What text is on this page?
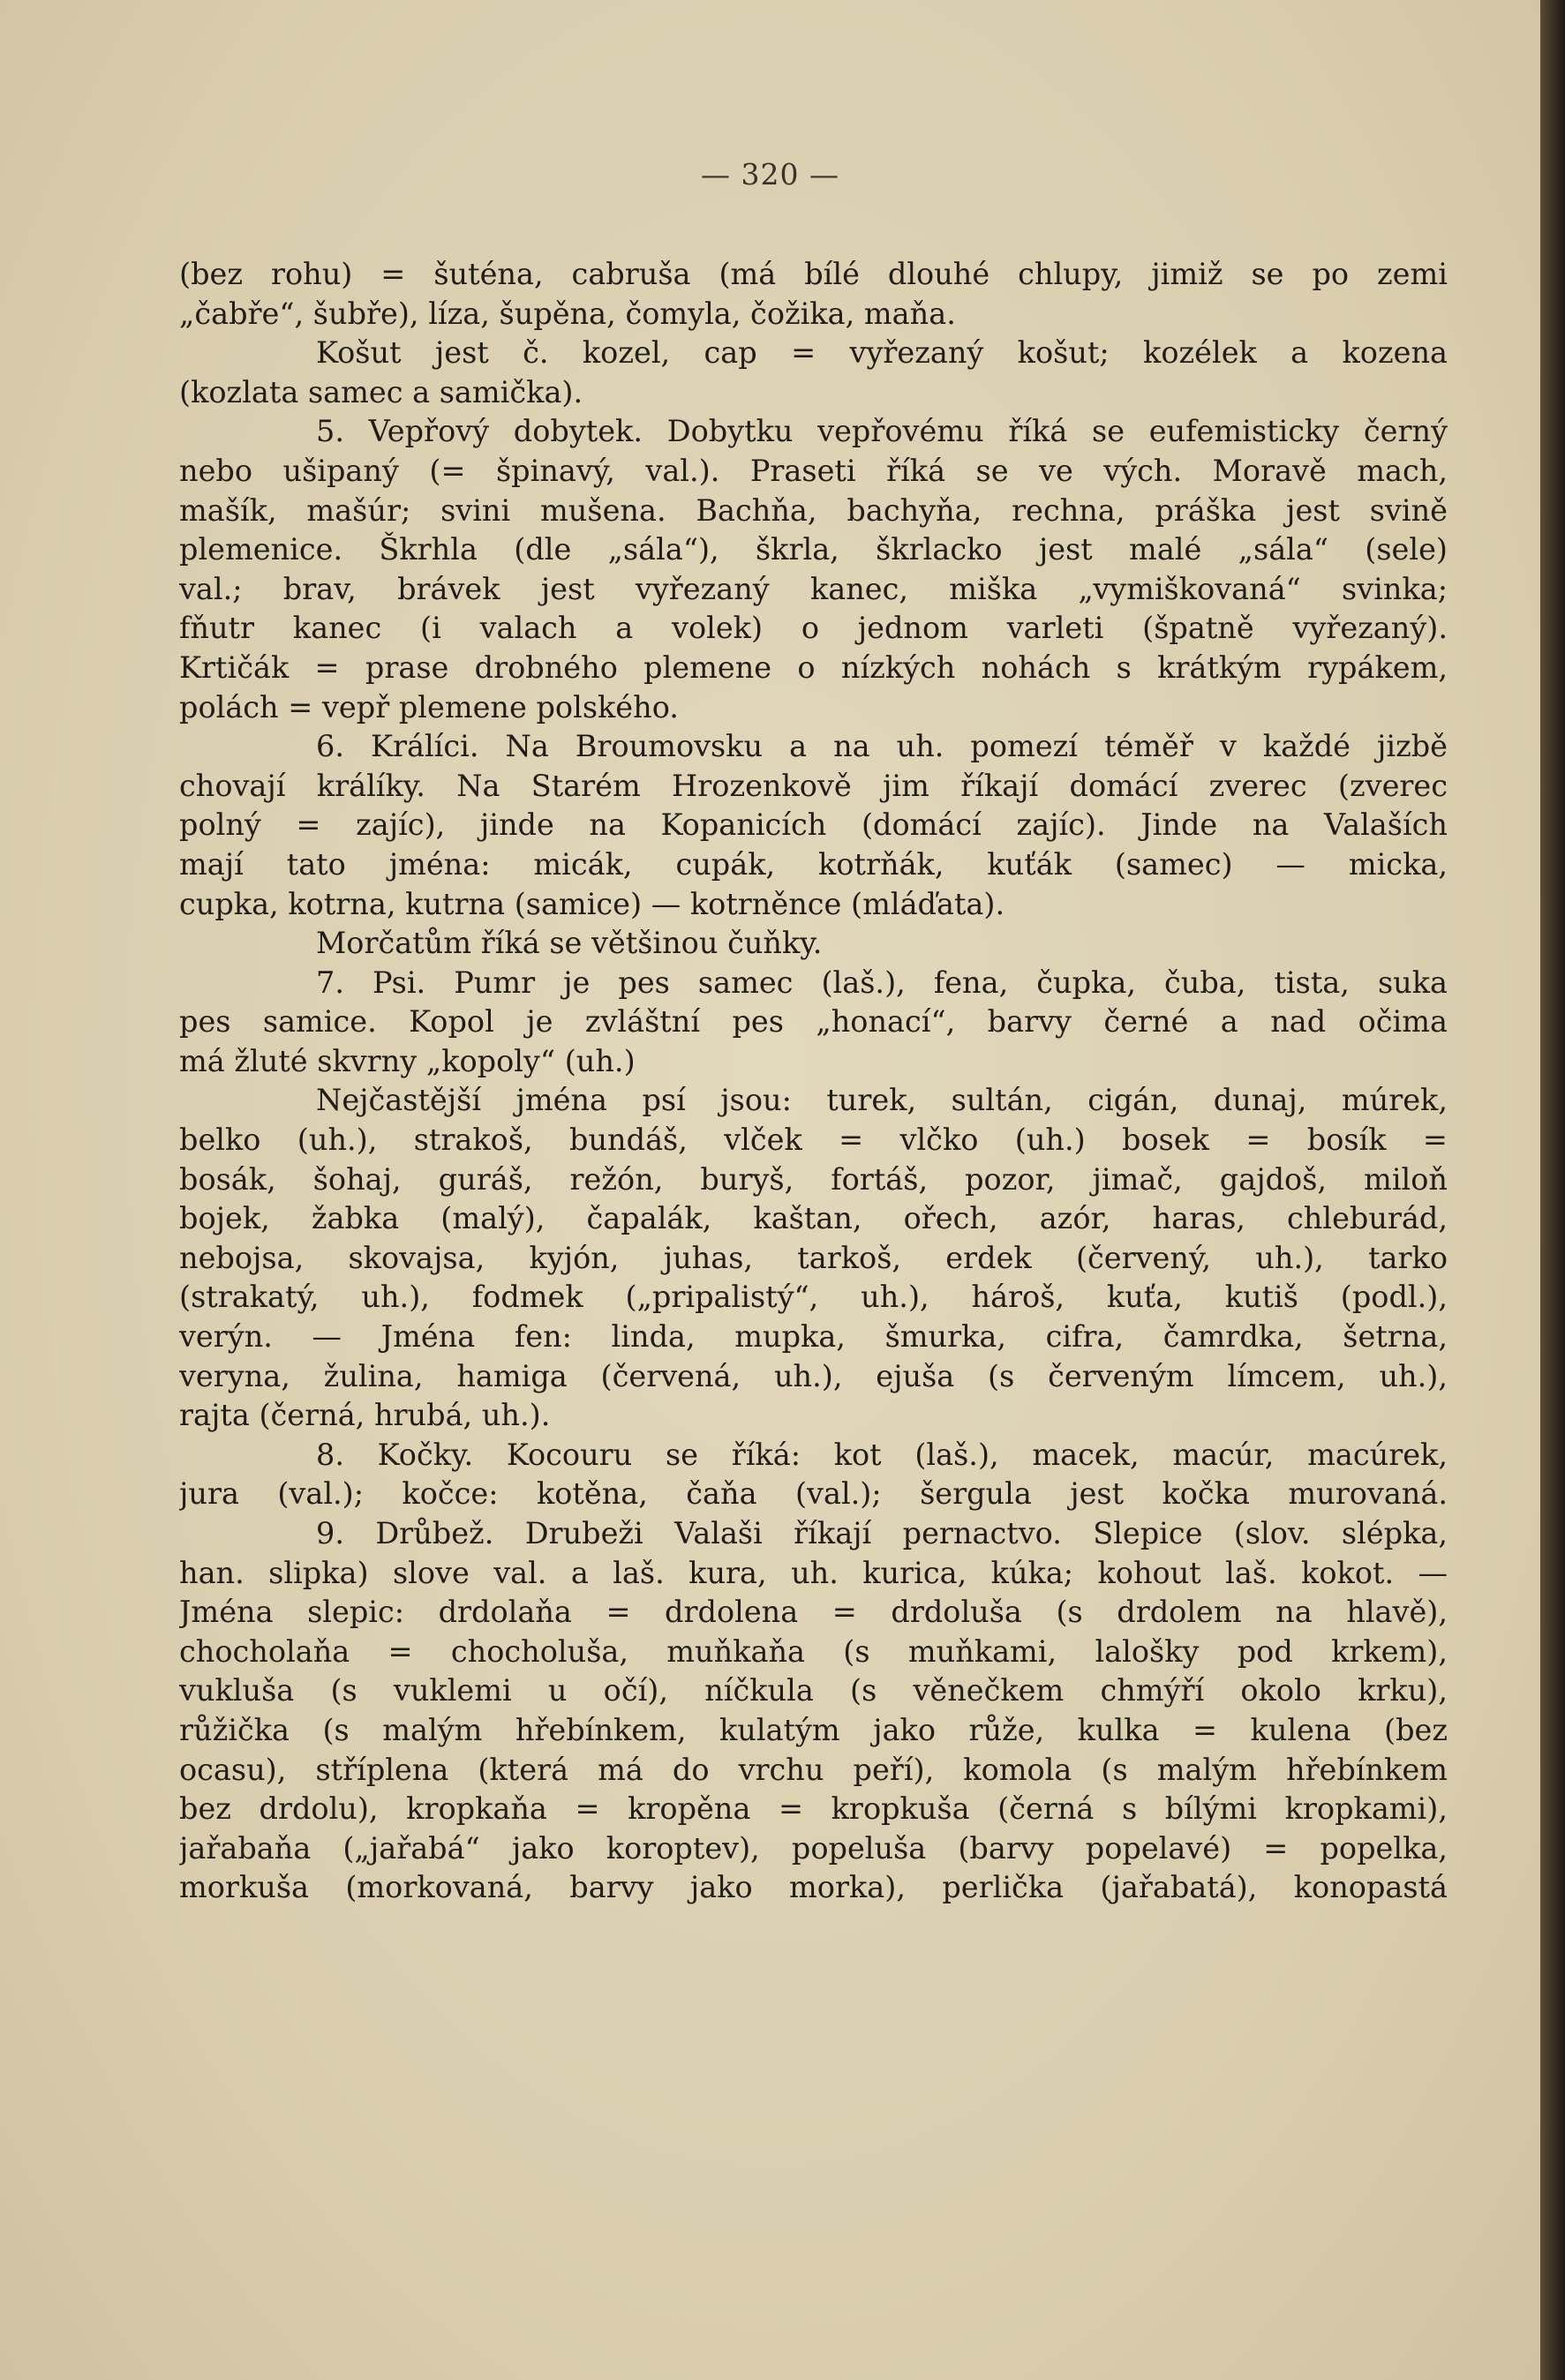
— 320 —
(bez rohu) = šuténa, cabruša (má bílé dlouhé chlupy, jimiž se po zemi
„čabře“, šubře), líza, šupěna, čomyla, čožika, maňa.
Košut jest č. kozel, cap = vyřezaný košut; kozélek a kozena
(kozlata samec a samička).
5. Vepřový dobytek. Dobytku vepřovému říká se eufemisticky černý
nebo ušipaný (= špinavý, val.). Praseti říká se ve vých. Moravě mach,
mašík, mašúr; svini mušena. Bachňa, bachyňa, rechna, práška jest svině
plemenice. Škrhla (dle „sála“), škrla, škrlacko jest malé „sála“ (sele)
val.; brav, brávek jest vyřezaný kanec, miška „vymiškovaná“ svinka;
fňutr kanec (i valach a volek) o jednom varleti (špatně vyřezaný).
Krtičák = prase drobného plemene o nízkých nohách s krátkým rypákem,
polách = vepř plemene polského.
6. Králíci. Na Broumovsku a na uh. pomezí téměř v každé jizbě
chovají králíky. Na Starém Hrozenkově jim říkají domácí zverec (zverec
polný = zajíc), jinde na Kopanicích (domácí zajíc). Jinde na Valaších
mají tato jména: micák, cupák, kotrňák, kuťák (samec) — micka,
cupka, kotrna, kutrna (samice) — kotrněnce (mláďata).
Morčatům říká se většinou čuňky.
7. Psi. Pumr je pes samec (laš.), fena, čupka, čuba, tista, suka
pes samice. Kopol je zvláštní pes „honací“, barvy černé a nad očima
má žluté skvrny „kopoly“ (uh.)
Nejčastější jména psí jsou: turek, sultán, cigán, dunaj, múrek,
belko (uh.), strakoš, bundáš, vlček = vlčko (uh.) bosek = bosík =
bosák, šohaj, guráš, režón, buryš, fortáš, pozor, jimač, gajdoš, miloň
bojek, žabka (malý), čapalák, kaštan, ořech, azór, haras, chleburád,
nebojsa, skovajsa, kyjón, juhas, tarkoš, erdek (červený, uh.), tarko
(strakatý, uh.), fodmek („pripalistý“, uh.), hároš, kuťa, kutiš (podl.),
verýn. — Jména fen: linda, mupka, šmurka, cifra, čamrdka, šetrna,
veryna, žulina, hamiga (červená, uh.), ejuša (s červeným límcem, uh.),
rajta (černá, hrubá, uh.).
8. Kočky. Kocouru se říká: kot (laš.), macek, macúr, macúrek,
jura (val.); kočce: kotěna, čaňa (val.); šergula jest kočka murovaná.
9. Drůbež. Drubeži Valaši říkají pernactvo. Slepice (slov. slépka,
han. slipka) slove val. a laš. kura, uh. kurica, kúka; kohout laš. kokot. —
Jména slepic: drdolaňa = drdolena = drdoluša (s drdolem na hlavě),
chocholaňa = chocholuša, muňkaňa (s muňkami, lalošky pod krkem),
vukluša (s vuklemi u očí), níčkula (s věnečkem chmýří okolo krku),
růžička (s malým hřebínkem, kulatým jako růže, kulka = kulena (bez
ocasu), stříplena (která má do vrchu peří), komola (s malým hřebínkem
bez drdolu), kropkaňa = kropěna = kropkuša (černá s bílými kropkami),
jařabaňa („jařabá“ jako koroptev), popeluša (barvy popelavé) = popelka,
morkuša (morkovaná, barvy jako morka), perlička (jařabatá), konopastá
